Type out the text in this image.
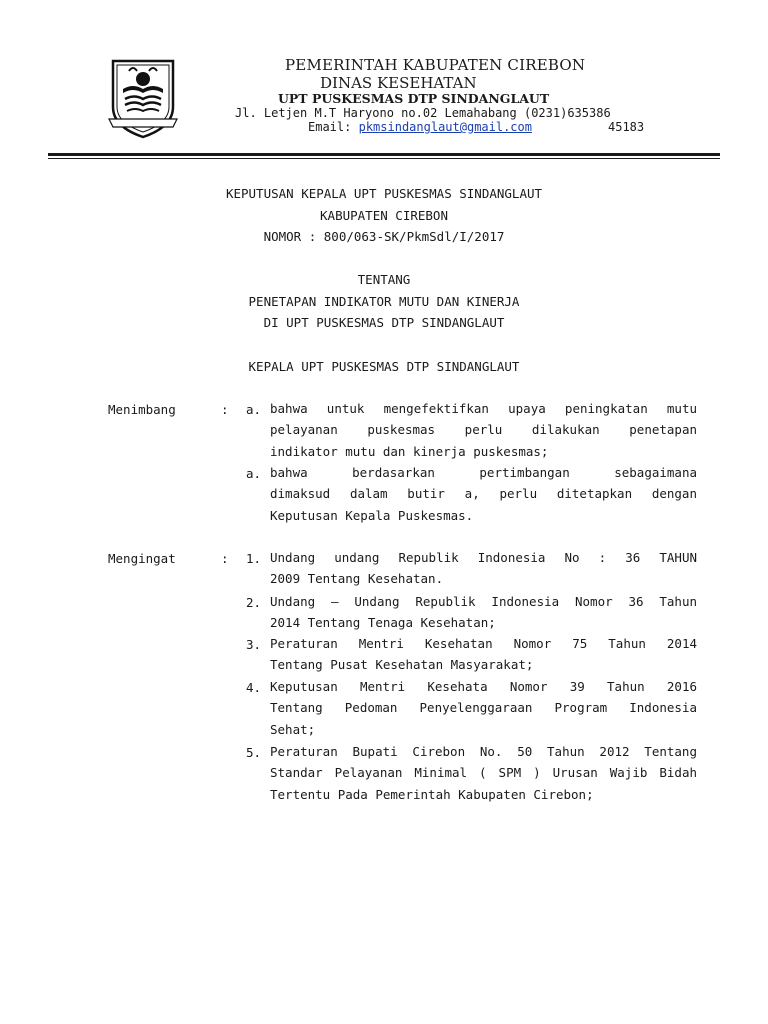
PEMERINTAH KABUPATEN CIREBON
DINAS KESEHATAN
UPT PUSKESMAS DTP SINDANGLAUT
Jl. Letjen M.T Haryono no.02 Lemahabang (0231)635386
Email: pkmsindanglaut@gmail.com	45183
KEPUTUSAN KEPALA UPT PUSKESMAS SINDANGLAUT
KABUPATEN CIREBON
NOMOR : 800/063-SK/PkmSdl/I/2017
TENTANG
PENETAPAN INDIKATOR MUTU DAN KINERJA
DI UPT PUSKESMAS DTP SINDANGLAUT
KEPALA UPT PUSKESMAS DTP SINDANGLAUT
Menimbang	:	a. bahwa untuk mengefektifkan upaya peningkatan mutu
pelayanan puskesmas perlu dilakukan penetapan
indikator mutu dan kinerja puskesmas;
a. bahwa berdasarkan pertimbangan sebagaimana
dimaksud dalam butir a, perlu ditetapkan dengan
Keputusan Kepala Puskesmas.
Mengingat	:	1. Undang undang Republik Indonesia No : 36 TAHUN
2009 Tentang Kesehatan.
2. Undang – Undang Republik Indonesia Nomor 36 Tahun
2014 Tentang Tenaga Kesehatan;
3. Peraturan Mentri Kesehatan Nomor 75 Tahun 2014
Tentang Pusat Kesehatan Masyarakat;
4. Keputusan Mentri Kesehata Nomor 39 Tahun 2016
Tentang Pedoman Penyelenggaraan Program Indonesia
Sehat;
5. Peraturan Bupati Cirebon No. 50 Tahun 2012 Tentang
Standar Pelayanan Minimal ( SPM ) Urusan Wajib Bidah
Tertentu Pada Pemerintah Kabupaten Cirebon;
